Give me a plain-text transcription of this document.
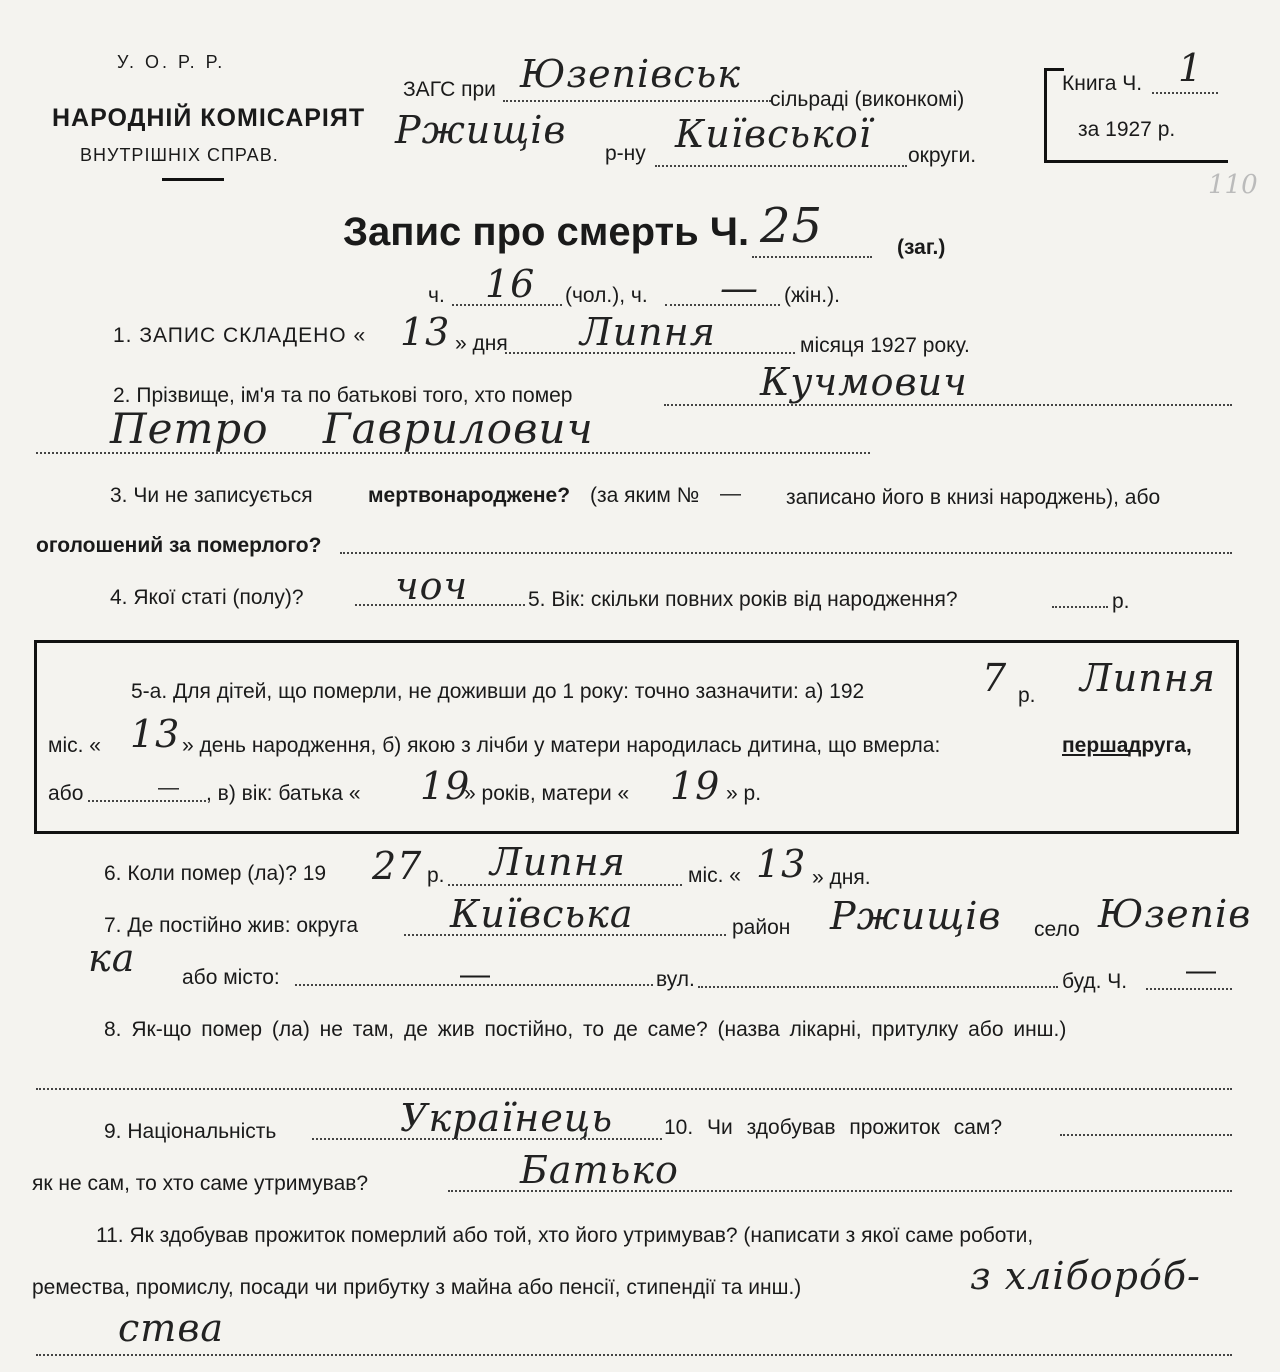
У. О. Р. Р.
НАРОДНІЙ КОМІСАРІЯТ
ВНУТРІШНІХ СПРАВ.
ЗАГС при Юзепівськ
сільраді (виконкомі)
Ржищів
р-ну Київської округи.
Книга Ч. 1
за 1927 р.
110
Запис про смерть Ч. 25	(заг.)
ч. 16 (чол.), ч. — (жін.).
1. ЗАПИС СКЛАДЕНО « 13 » дня Липня	місяця 1927 року.
2. Прізвище, ім'я та по батькові того, хто помер	Кучмович
Петро Гаврилович
3. Чи не записується	мертвонароджене? (за яким № — записано його в книзі народжень), або
оголошений за померлого?
4. Якої статі (полу)? чоч	5. Вік: скільки повних років від народження?	р.
5-а. Для дітей, що померли, не доживши до 1 року: точно зазначити: а) 192	7 р. Липня
міс. « 13 » день народження, б) якою з лічби у матери народилась дитина, що вмерла:	перша друга,
або	— , в) вік: батька « 19
» років, матери « 19 » р.
6. Коли помер (ла)? 19 27 р. Липня	міс. « 13 » дня.
7. Де постійно жив: округа Київська	район Ржищів село Юзепів
ка або місто:	—	вул.	буд. Ч. —
8. Як-що помер (ла) не там, де жив постійно, то де саме? (назва лікарні, притулку або инш.)
9. Національність	Українець 10. Чи здобував прожиток сам?
як не сам, то хто саме утримував?	Батько
11. Як здобував прожиток померлий або той, хто його утримував? (написати з якої саме роботи,
ремества, промислу, посади чи прибутку з майна або пенсії, стипендії та инш.)	з хліборо́б-
ства
